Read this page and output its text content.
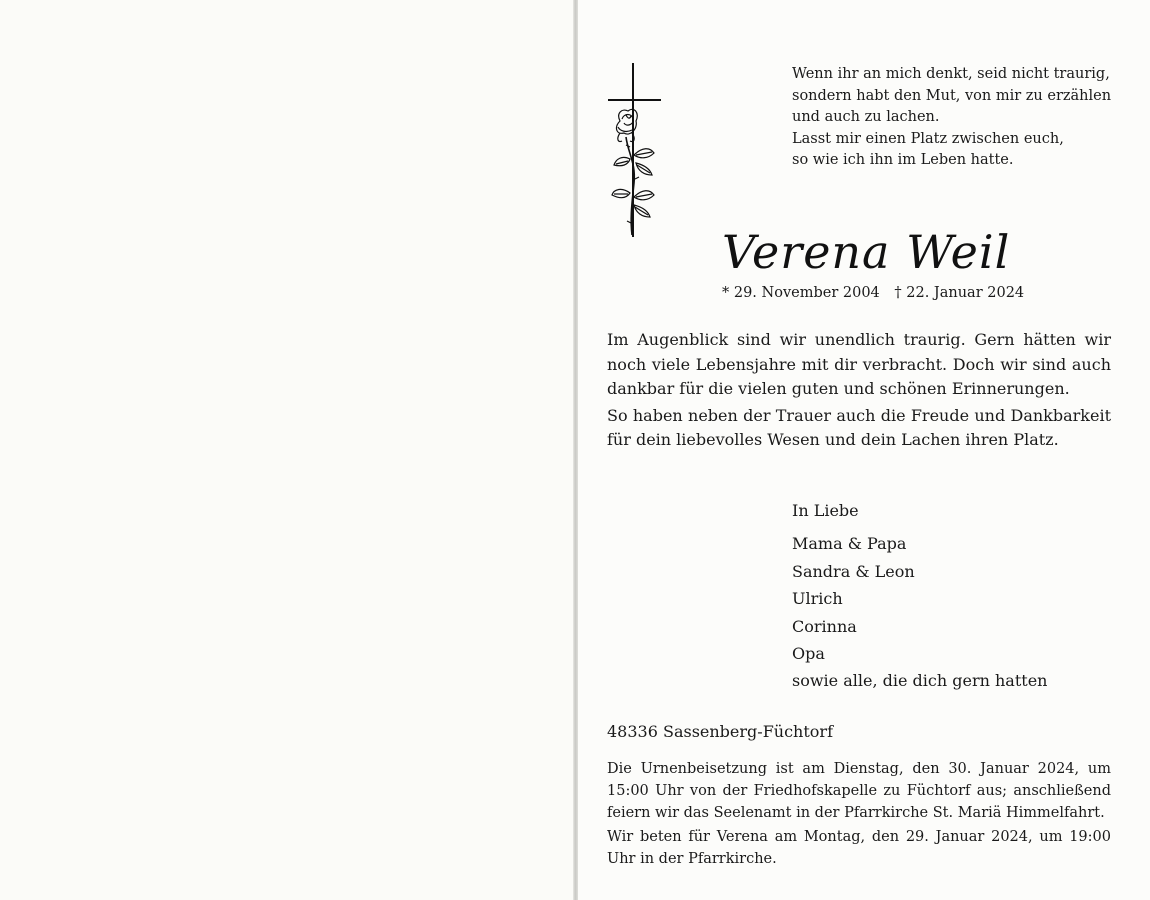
Wenn ihr an mich denkt, seid nicht traurig,
sondern habt den Mut, von mir zu erzählen
und auch zu lachen.
Lasst mir einen Platz zwischen euch,
so wie ich ihn im Leben hatte.
Verena Weil
* 29. November 2004 † 22. Januar 2024

Im Augenblick sind wir unendlich traurig. Gern hätten wir noch viele Lebensjahre mit dir verbracht. Doch wir sind auch dankbar für die vielen guten und schönen Erinnerungen.

So haben neben der Trauer auch die Freude und Dankbarkeit für dein liebevolles Wesen und dein Lachen ihren Platz.

In Liebe
Mama & Papa
Sandra & Leon
Ulrich
Corinna
Opa
sowie alle, die dich gern hatten
48336 Sassenberg-Füchtorf

Die Urnenbeisetzung ist am Dienstag, den 30. Januar 2024, um 15:00 Uhr von der Friedhofskapelle zu Füchtorf aus; anschließend feiern wir das Seelenamt in der Pfarrkirche St. Mariä Himmelfahrt.

Wir beten für Verena am Montag, den 29. Januar 2024, um 19:00 Uhr in der Pfarrkirche.
